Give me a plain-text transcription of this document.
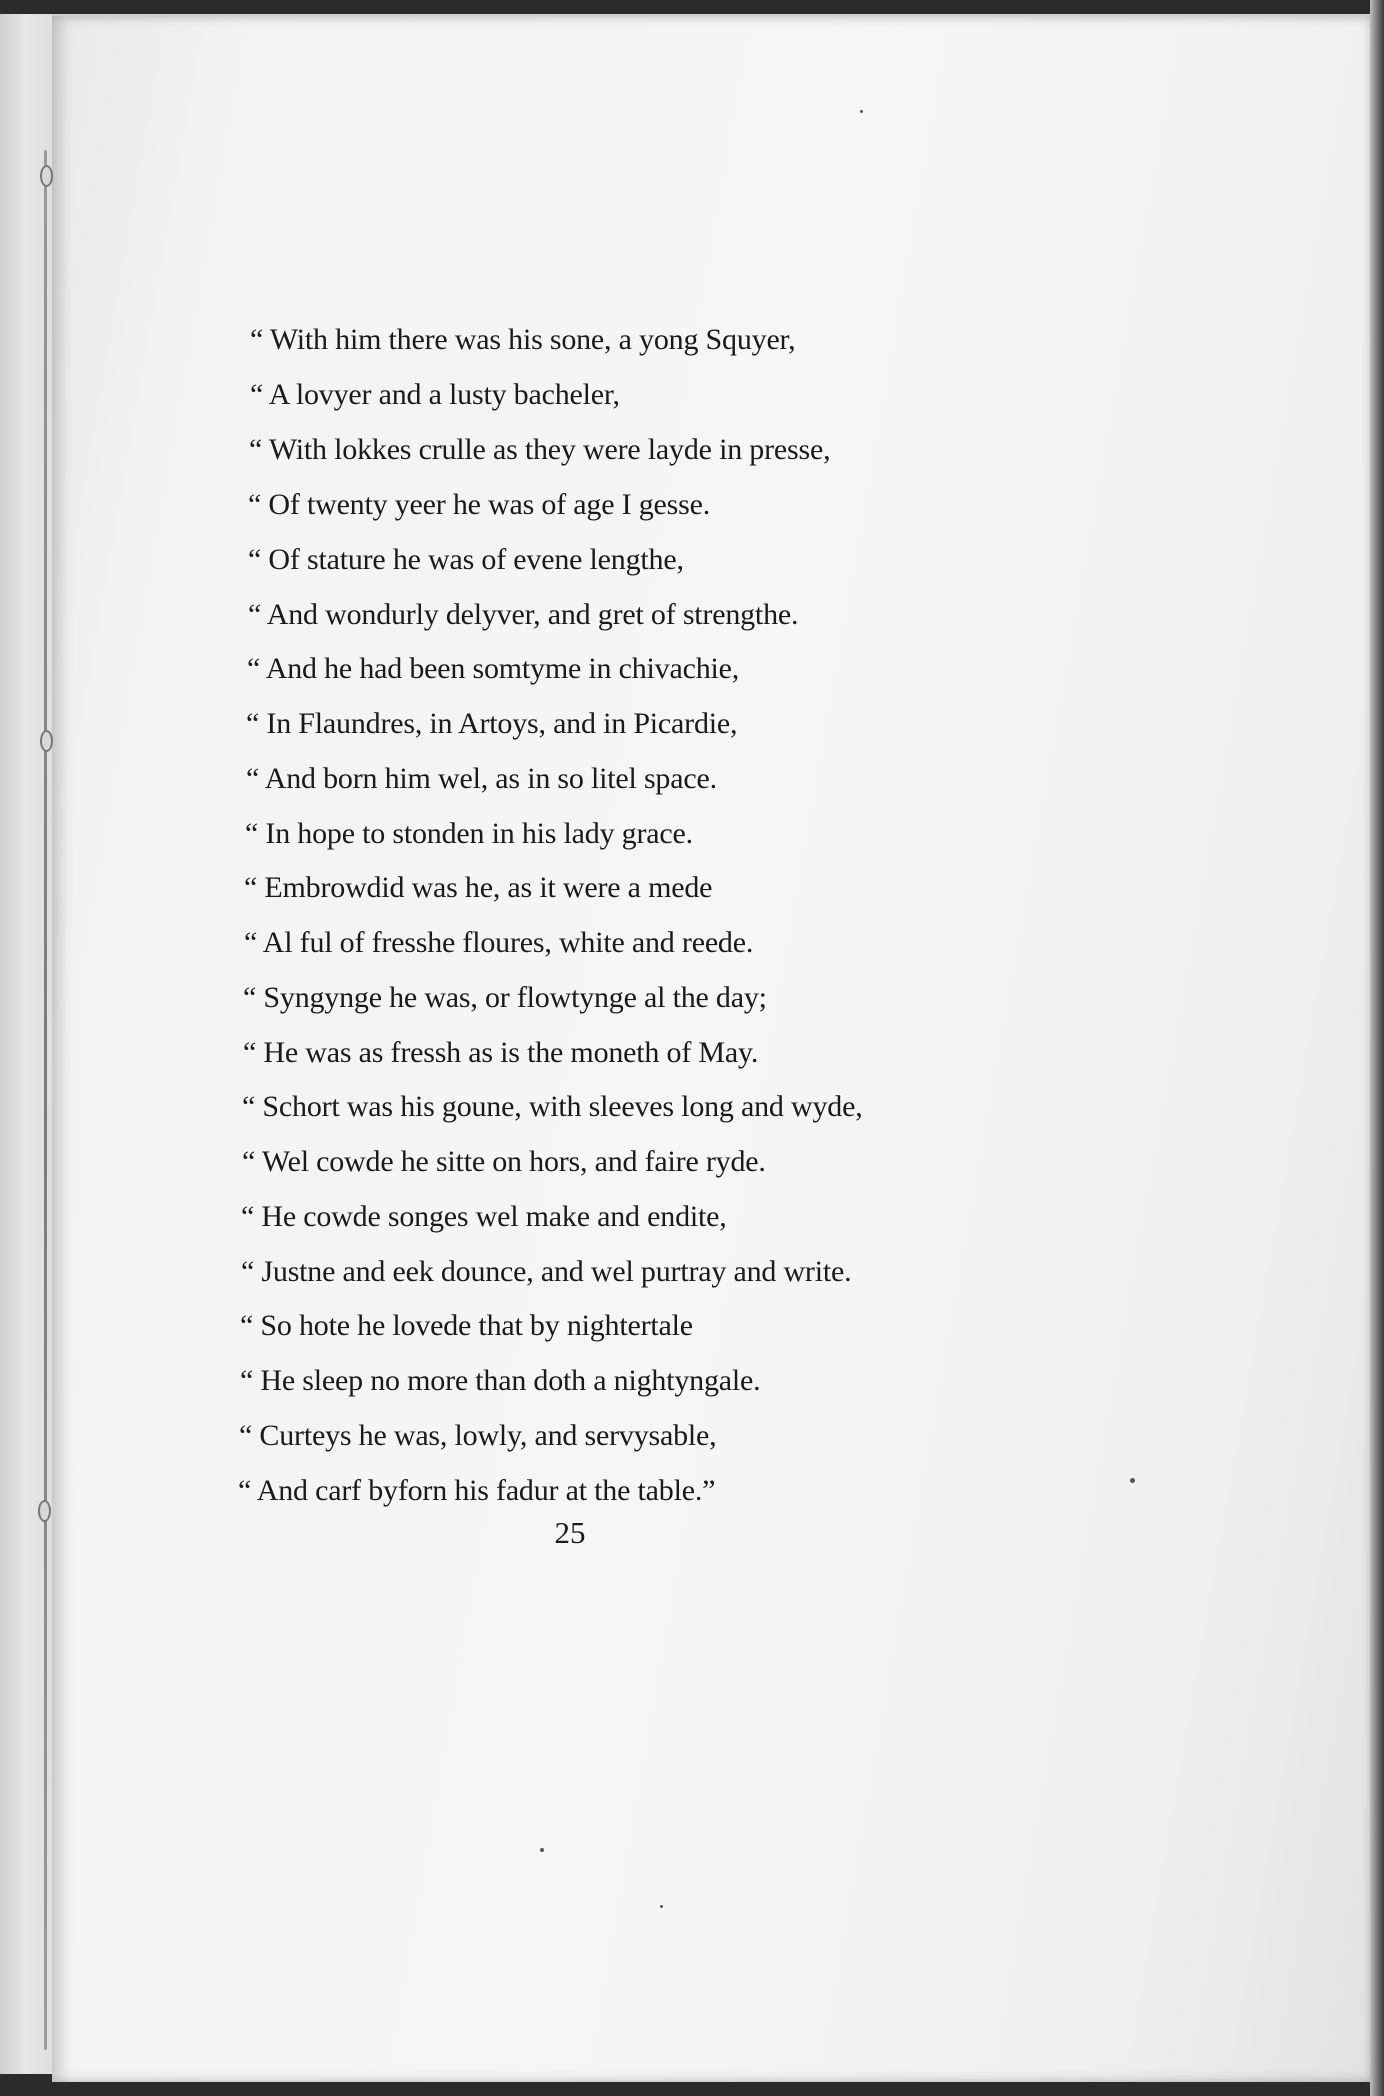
“ With him there was his sone, a yong Squyer,
“ A lovyer and a lusty bacheler,
“ With lokkes crulle as they were layde in presse,
“ Of twenty yeer he was of age I gesse.
“ Of stature he was of evene lengthe,
“ And wondurly delyver, and gret of strengthe.
“ And he had been somtyme in chivachie,
“ In Flaundres, in Artoys, and in Picardie,
“ And born him wel, as in so litel space.
“ In hope to stonden in his lady grace.
“ Embrowdid was he, as it were a mede
“ Al ful of fresshe floures, white and reede.
“ Syngynge he was, or flowtynge al the day;
“ He was as fressh as is the moneth of May.
“ Schort was his goune, with sleeves long and wyde,
“ Wel cowde he sitte on hors, and faire ryde.
“ He cowde songes wel make and endite,
“ Justne and eek dounce, and wel purtray and write.
“ So hote he lovede that by nightertale
“ He sleep no more than doth a nightyngale.
“ Curteys he was, lowly, and servysable,
“ And carf byforn his fadur at the table.”
25
